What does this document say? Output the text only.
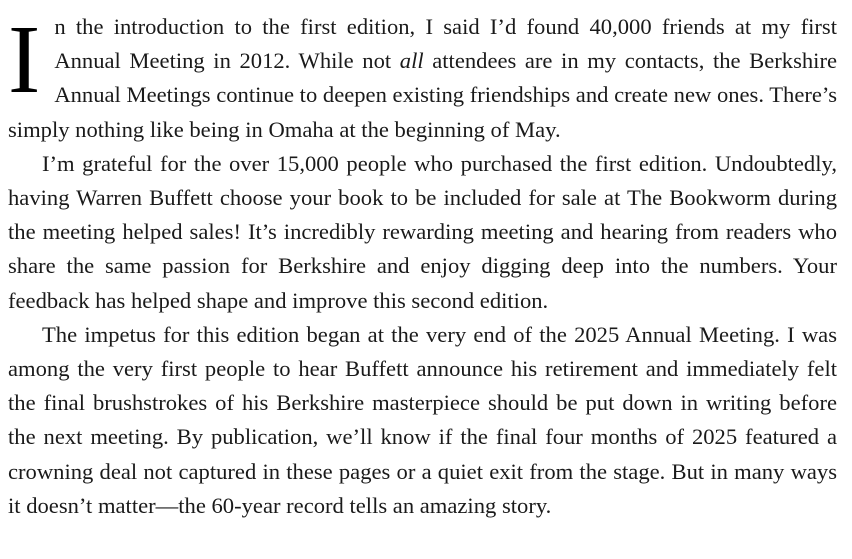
In the introduction to the first edition, I said I’d found 40,000 friends at my first Annual Meeting in 2012. While not all attendees are in my contacts, the Berkshire Annual Meetings continue to deepen existing friendships and create new ones. There’s simply nothing like being in Omaha at the beginning of May.

I’m grateful for the over 15,000 people who purchased the first edition. Undoubtedly, having Warren Buffett choose your book to be included for sale at The Bookworm during the meeting helped sales! It’s incredibly rewarding meeting and hearing from readers who share the same passion for Berkshire and enjoy digging deep into the numbers. Your feedback has helped shape and improve this second edition.

The impetus for this edition began at the very end of the 2025 Annual Meeting. I was among the very first people to hear Buffett announce his retirement and immediately felt the final brushstrokes of his Berkshire masterpiece should be put down in writing before the next meeting. By publication, we’ll know if the final four months of 2025 featured a crowning deal not captured in these pages or a quiet exit from the stage. But in many ways it doesn’t matter—the 60-year record tells an amazing story.
